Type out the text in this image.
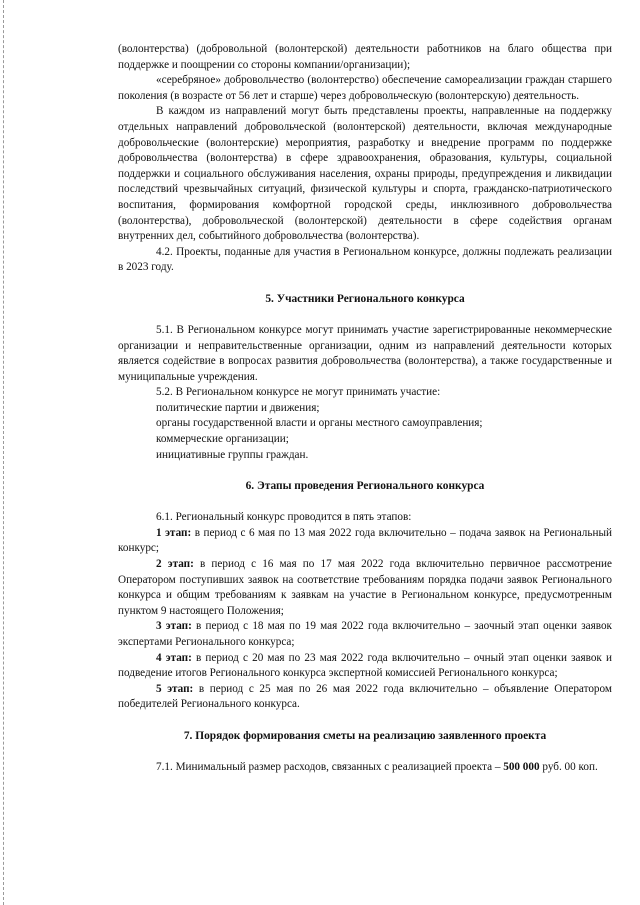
(волонтерства) (добровольной (волонтерской) деятельности работников на благо общества при поддержке и поощрении со стороны компании/организации);

«серебряное» добровольчество (волонтерство) обеспечение самореализации граждан старшего поколения (в возрасте от 56 лет и старше) через добровольческую (волонтерскую) деятельность.

В каждом из направлений могут быть представлены проекты, направленные на поддержку отдельных направлений добровольческой (волонтерской) деятельности, включая международные добровольческие (волонтерские) мероприятия, разработку и внедрение программ по поддержке добровольчества (волонтерства) в сфере здравоохранения, образования, культуры, социальной поддержки и социального обслуживания населения, охраны природы, предупреждения и ликвидации последствий чрезвычайных ситуаций, физической культуры и спорта, гражданско-патриотического воспитания, формирования комфортной городской среды, инклюзивного добровольчества (волонтерства), добровольческой (волонтерской) деятельности в сфере содействия органам внутренних дел, событийного добровольчества (волонтерства).

4.2. Проекты, поданные для участия в Региональном конкурсе, должны подлежать реализации в 2023 году.

5. Участники Регионального конкурса

5.1. В Региональном конкурсе могут принимать участие зарегистрированные некоммерческие организации и неправительственные организации, одним из направлений деятельности которых является содействие в вопросах развития добровольчества (волонтерства), а также государственные и муниципальные учреждения.

5.2. В Региональном конкурсе не могут принимать участие:

политические партии и движения;

органы государственной власти и органы местного самоуправления;

коммерческие организации;

инициативные группы граждан.

6. Этапы проведения Регионального конкурса

6.1. Региональный конкурс проводится в пять этапов:

1 этап: в период с 6 мая по 13 мая 2022 года включительно – подача заявок на Региональный конкурс;

2 этап: в период с 16 мая по 17 мая 2022 года включительно первичное рассмотрение Оператором поступивших заявок на соответствие требованиям порядка подачи заявок Регионального конкурса и общим требованиям к заявкам на участие в Региональном конкурсе, предусмотренным пунктом 9 настоящего Положения;

3 этап: в период с 18 мая по 19 мая 2022 года включительно – заочный этап оценки заявок экспертами Регионального конкурса;

4 этап: в период с 20 мая по 23 мая 2022 года включительно – очный этап оценки заявок и подведение итогов Регионального конкурса экспертной комиссией Регионального конкурса;

5 этап: в период с 25 мая по 26 мая 2022 года включительно – объявление Оператором победителей Регионального конкурса.

7. Порядок формирования сметы на реализацию заявленного проекта

7.1. Минимальный размер расходов, связанных с реализацией проекта – 500 000 руб. 00 коп.
